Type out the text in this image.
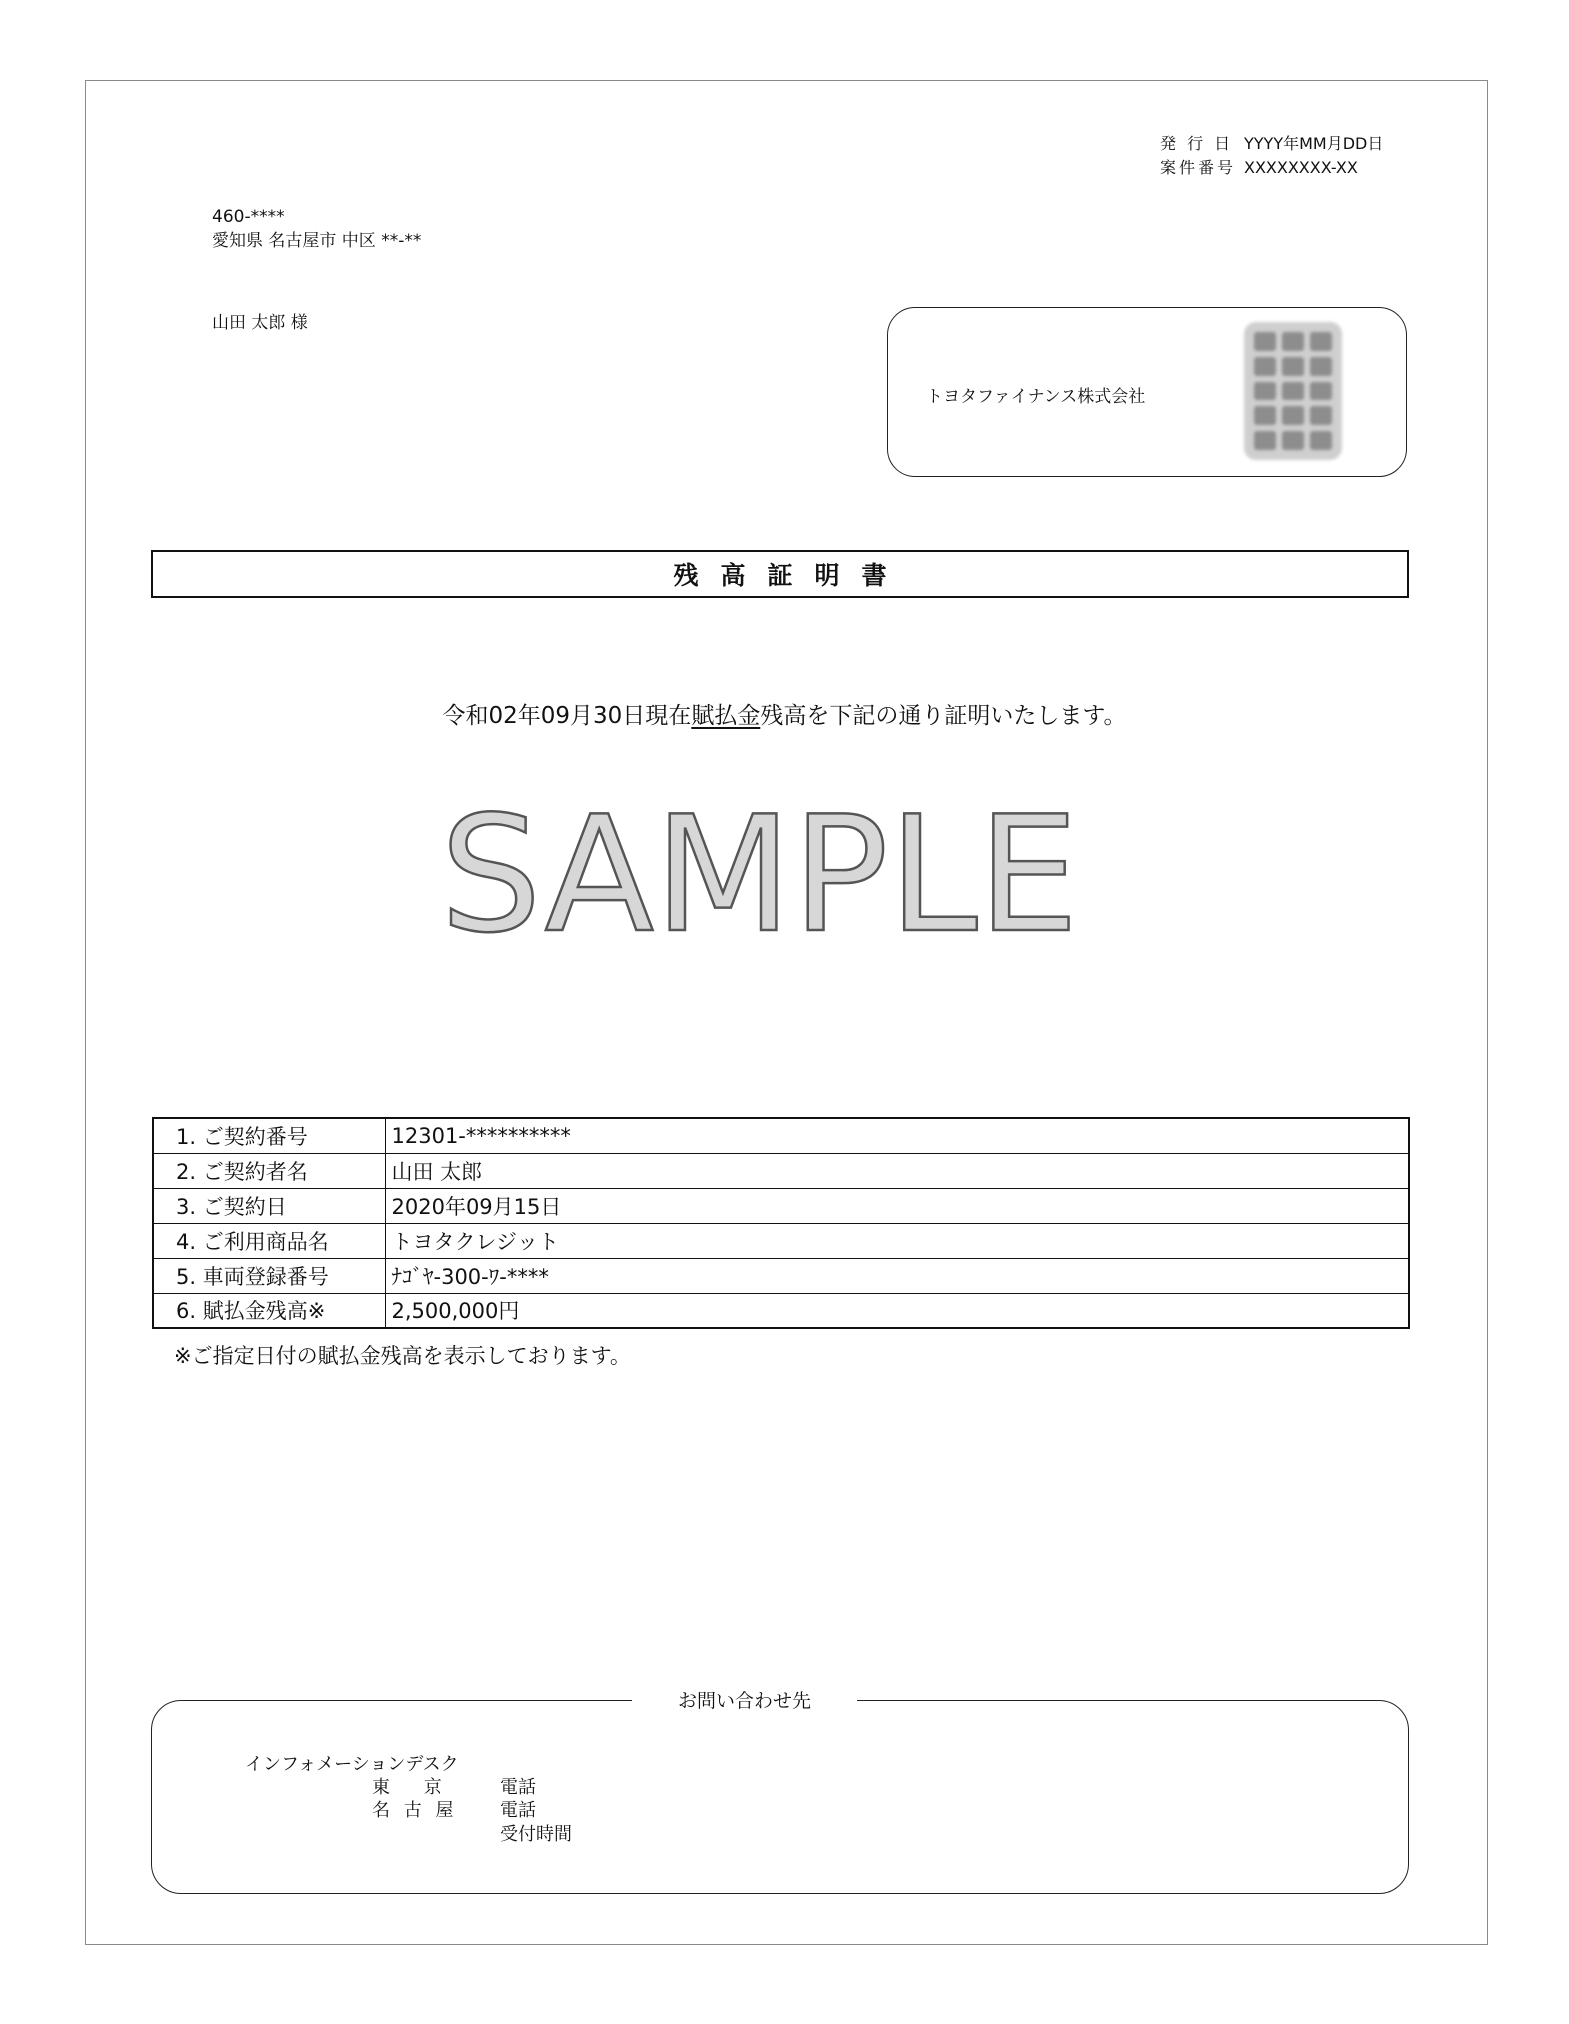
発 行 日 YYYY年MM月DD日
案件番号 XXXXXXXX-XX
460-****
愛知県 名古屋市 中区 **-**
山田 太郎 様
トヨタファイナンス株式会社
残高証明書
令和02年09月30日現在賦払金残高を下記の通り証明いたします。
SAMPLE
1. ご契約番号	12301-**********
2. ご契約者名	山田 太郎
3. ご契約日	2020年09月15日
4. ご利用商品名	トヨタクレジット
5. 車両登録番号	ﾅｺﾞﾔ-300-ﾜ-****
6. 賦払金残高※	2,500,000円
※ご指定日付の賦払金残高を表示しております。
お問い合わせ先
インフォメーションデスク
東 京 電話
名 古 屋 電話
受付時間
